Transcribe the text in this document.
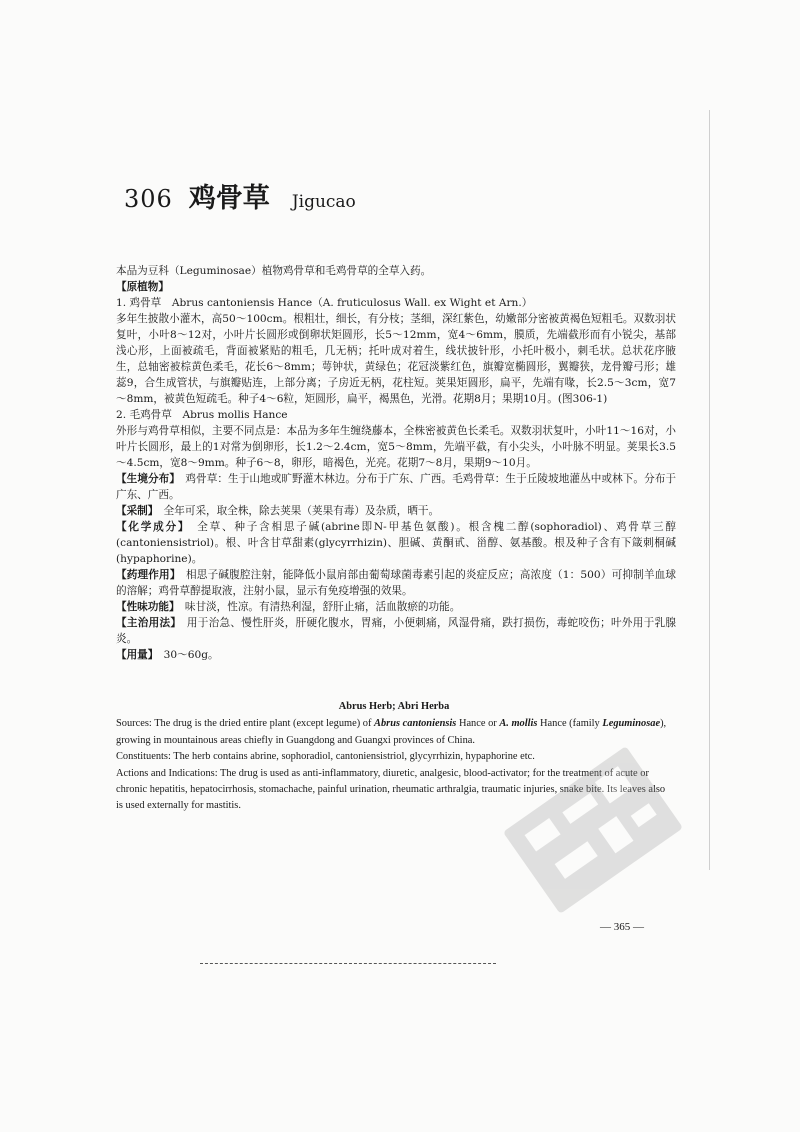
306 鸡骨草 Jigucao

本品为豆科（Leguminosae）植物鸡骨草和毛鸡骨草的全草入药。

【原植物】

1. 鸡骨草　Abrus cantoniensis Hance（A. fruticulosus Wall. ex Wight et Arn.）

多年生披散小灌木，高50～100cm。根粗壮，细长，有分枝；茎细，深红紫色，幼嫩部分密被黄褐色短粗毛。双数羽状复叶，小叶8～12对，小叶片长圆形或倒卵状矩圆形，长5～12mm，宽4～6mm，膜质，先端截形而有小锐尖，基部浅心形，上面被疏毛，背面被紧贴的粗毛，几无柄；托叶成对着生，线状披针形，小托叶极小，刺毛状。总状花序腋生，总轴密被棕黄色柔毛，花长6～8mm；萼钟状，黄绿色；花冠淡紫红色，旗瓣宽椭圆形，翼瓣狭，龙骨瓣弓形；雄蕊9，合生成管状，与旗瓣贴连，上部分离；子房近无柄，花柱短。荚果矩圆形，扁平，先端有喙，长2.5～3cm，宽7～8mm，被黄色短疏毛。种子4～6粒，矩圆形，扁平，褐黑色，光滑。花期8月；果期10月。(图306-1)

2. 毛鸡骨草　Abrus mollis Hance

外形与鸡骨草相似，主要不同点是：本品为多年生缠绕藤本，全株密被黄色长柔毛。双数羽状复叶，小叶11～16对，小叶片长圆形，最上的1对常为倒卵形，长1.2～2.4cm，宽5～8mm，先端平截，有小尖头，小叶脉不明显。荚果长3.5～4.5cm，宽8～9mm。种子6～8，卵形，暗褐色，光亮。花期7～8月，果期9～10月。

【生境分布】　 鸡骨草：生于山地或旷野灌木林边。分布于广东、广西。毛鸡骨草：生于丘陵坡地灌丛中或林下。分布于广东、广西。

【采制】　 全年可采，取全株，除去荚果（荚果有毒）及杂质，晒干。

【化学成分】　 全草、种子含相思子碱(abrine即N-甲基色氨酸)。根含槐二醇(sophoradiol)、鸡骨草三醇(cantoniensistriol)。根、叶含甘草甜素(glycyrrhizin)、胆碱、黄酮甙、甾醇、氨基酸。根及种子含有下箴刺桐碱(hypaphorine)。

【药理作用】　 相思子碱腹腔注射，能降低小鼠肩部由葡萄球菌毒素引起的炎症反应；高浓度（1：500）可抑制羊血球的溶解；鸡骨草醇提取液，注射小鼠，显示有免疫增强的效果。

【性味功能】　 味甘淡，性凉。有清热利湿，舒肝止痛，活血散瘀的功能。

【主治用法】　 用于治急、慢性肝炎，肝硬化腹水，胃痛，小便刺痛，风湿骨痛，跌打损伤，毒蛇咬伤；叶外用于乳腺炎。

【用量】　 30～60g。

Abrus Herb; Abri Herba

Sources: The drug is the dried entire plant (except legume) of Abrus cantoniensis Hance or A. mollis Hance (family Leguminosae), growing in mountainous areas chiefly in Guangdong and Guangxi provinces of China.

Constituents: The herb contains abrine, sophoradiol, cantoniensistriol, glycyrrhizin, hypaphorine etc.

Actions and Indications: The drug is used as anti-inflammatory, diuretic, analgesic, blood-activator; for the treatment of acute or chronic hepatitis, hepatocirrhosis, stomachache, painful urination, rheumatic arthralgia, traumatic injuries, snake bite. Its leaves also is used externally for mastitis.

— 365 —
